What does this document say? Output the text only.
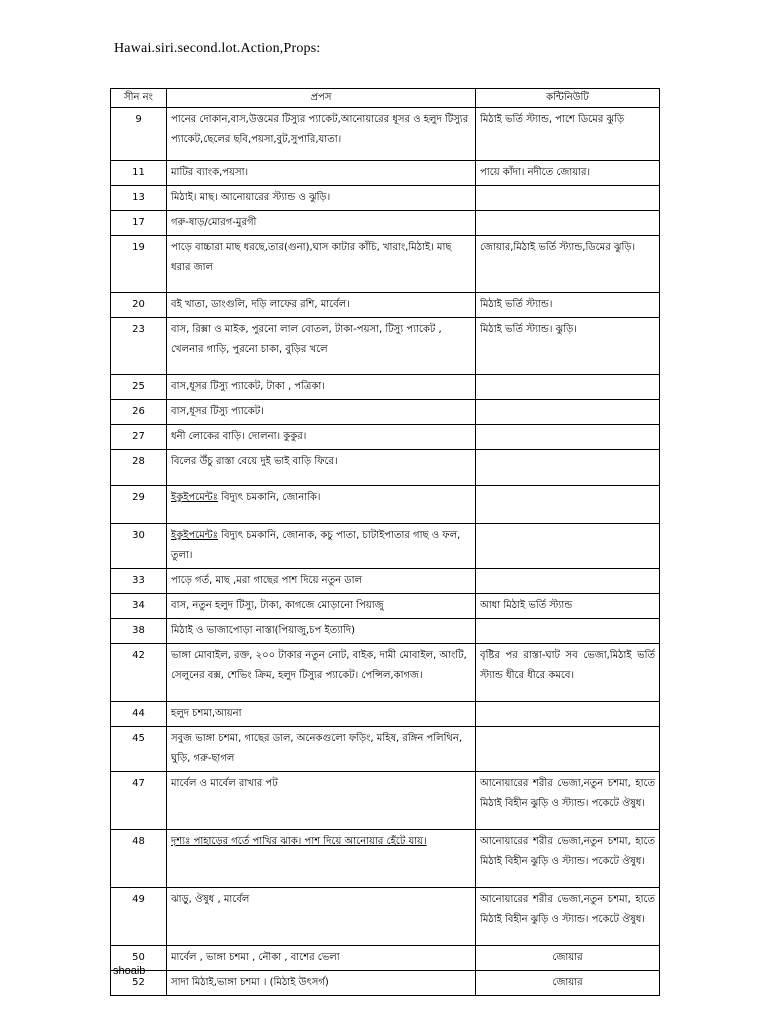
Hawai.siri.second.lot.Action,Props:
সীন নং	প্রপস	কন্টিনিউটি
9	পানের দোকান,বাস,উত্তমের টিস্যুর প্যাকেট,আনোয়ারের ধূসর ও হলুদ টিস্যুর প্যাকেট,ছেলের ছবি,পয়সা,বুট,সুপারি,যাতা।	মিঠাই ভর্তি স্ট্যান্ড, পাশে ডিমের ঝুড়ি
11	মাটির ব্যাংক,পয়সা।	পায়ে কাঁদা। নদীতে জোয়ার।
13	মিঠাই। মাছ। আনোয়ারের স্ট্যান্ড ও ঝুড়ি।	
17	গরু-ষাড়/মোরগ-মুরগী	
19	পাড়ে বাচ্চারা মাছ ধরছে,তার(গুনা),ঘাস কাটার কাঁচি, খারাং,মিঠাই। মাছ ধরার জাল	জোয়ার,মিঠাই ভর্তি স্ট্যান্ড,ডিমের ঝুড়ি।
20	বই খাতা, ডাংগুলি, দড়ি লাফের রশি, মার্বেল।	মিঠাই ভর্তি স্ট্যান্ড।
23	বাস, রিক্সা ও মাইক, পুরনো লাল বোতল, টাকা-পয়সা, টিস্যু প্যাকেট , খেলনার গাড়ি, পুরনো চাকা, বুড়ির খলে	মিঠাই ভর্তি স্ট্যান্ড। ঝুড়ি।
25	বাস,ধূসর টিস্যু প্যাকেট, টাকা , পত্রিকা।	
26	বাস,ধূসর টিস্যু প্যাকেট।	
27	ধনী লোকের বাড়ি। দোলনা। কুকুর।	
28	বিলের উঁচু রাস্তা বেয়ে দুই ভাই বাড়ি ফিরে।	
29	ইকুইপমেন্টঃ বিদ্যুৎ চমকানি, জোনাকি।	
30	ইকুইপমেন্টঃ বিদ্যুৎ চমকানি, জোনাক, কচু পাতা, চাটাইপাতার গাছ ও ফল, তুলা।	
33	পাড়ে গর্ত, মাছ ,মরা গাছের পাশ দিয়ে নতুন ডাল	
34	বাস, নতুন হলুদ টিস্যু, টাকা, কাগজে মোড়ানো পিয়াজু	আধা মিঠাই ভর্তি স্ট্যান্ড
38	মিঠাই ও ভাজাপোড়া নাস্তা(পিয়াজু,চপ ইত্যাদি)	
42	ভাঙ্গা মোবাইল, রক্ত, ২০০ টাকার নতুন নোট, বাইক, দামী মোবাইল, আংটি, সেলুনের বক্স, শেভিং ক্রিম, হলুদ টিস্যুর প্যাকেট। পেন্সিল,কাগজ।	বৃষ্টির পর রাস্তা-ঘাট সব ভেজা,মিঠাই ভর্তি স্ট্যান্ড ধীরে ধীরে কমবে।
44	হলুদ চশমা,আয়না	
45	সবুজ ভাঙ্গা চশমা, গাছের ডাল, অনেকগুলো ফড়িং, মহিষ, রঙ্গিন পলিথিন, ঘুড়ি, গরু-ছাগল	
47	মার্বেল ও মার্বেল রাখার পট	আনোয়ারের শরীর ভেজা,নতুন চশমা, হাতে মিঠাই বিহীন ঝুড়ি ও স্ট্যান্ড। পকেটে ঔষুধ।
48	দৃশ্যঃ পাহাড়ের গর্তে পাখির ঝাক। পাশ দিয়ে আনোয়ার হেঁটে যায়।	আনোয়ারের শরীর ভেজা,নতুন চশমা, হাতে মিঠাই বিহীন ঝুড়ি ও স্ট্যান্ড। পকেটে ঔষুধ।
49	ঝাড়ু, ঔষুধ , মার্বেল	আনোয়ারের শরীর ভেজা,নতুন চশমা, হাতে মিঠাই বিহীন ঝুড়ি ও স্ট্যান্ড। পকেটে ঔষুধ।
50	মার্বেল , ভাঙ্গা চশমা , নৌকা , বাশের ভেলা	জোয়ার
52	সাদা মিঠাই,ভাঙ্গা চশমা । (মিঠাই উৎসর্গ)	জোয়ার
shoaib
